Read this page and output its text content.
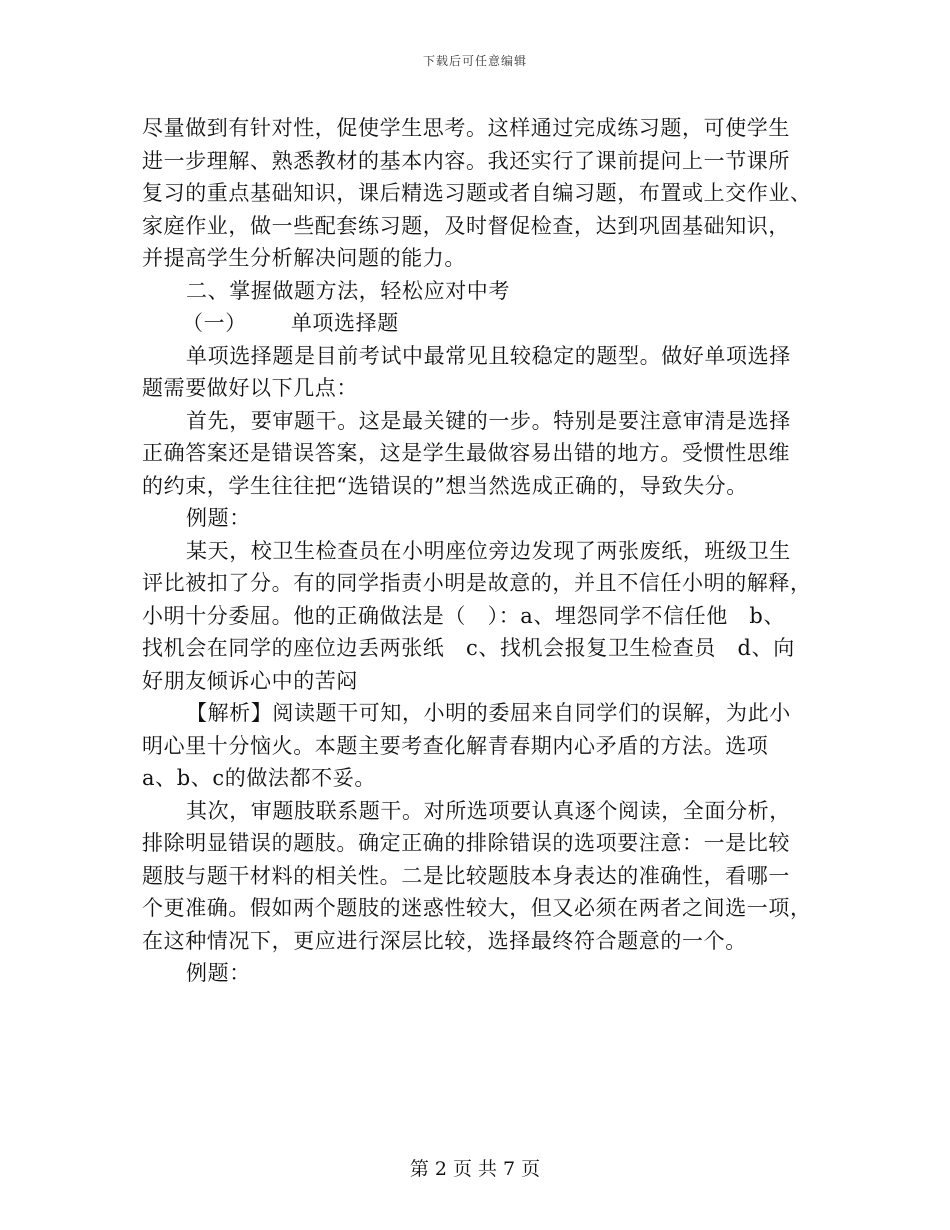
下载后可任意编辑
尽量做到有针对性，促使学生思考。这样通过完成练习题，可使学生
进一步理解、熟悉教材的基本内容。我还实行了课前提问上一节课所
复习的重点基础知识，课后精选习题或者自编习题，布置或上交作业、
家庭作业，做一些配套练习题，及时督促检查，达到巩固基础知识，
并提高学生分析解决问题的能力。
二、掌握做题方法，轻松应对中考
（一） 单项选择题
单项选择题是目前考试中最常见且较稳定的题型。做好单项选择
题需要做好以下几点：
首先，要审题干。这是最关键的一步。特别是要注意审清是选择
正确答案还是错误答案，这是学生最做容易出错的地方。受惯性思维
的约束，学生往往把“选错误的”想当然选成正确的，导致失分。
例题：
某天，校卫生检查员在小明座位旁边发现了两张废纸，班级卫生
评比被扣了分。有的同学指责小明是故意的，并且不信任小明的解释，
小明十分委屈。他的正确做法是（　）：a、埋怨同学不信任他　b、
找机会在同学的座位边丢两张纸　c、找机会报复卫生检查员　d、向
好朋友倾诉心中的苦闷
【解析】阅读题干可知，小明的委屈来自同学们的误解，为此小
明心里十分恼火。本题主要考查化解青春期内心矛盾的方法。选项
a、b、c的做法都不妥。
其次，审题肢联系题干。对所选项要认真逐个阅读，全面分析，
排除明显错误的题肢。确定正确的排除错误的选项要注意：一是比较
题肢与题干材料的相关性。二是比较题肢本身表达的准确性，看哪一
个更准确。假如两个题肢的迷惑性较大，但又必须在两者之间选一项，
在这种情况下，更应进行深层比较，选择最终符合题意的一个。
例题：
第 2 页 共 7 页
